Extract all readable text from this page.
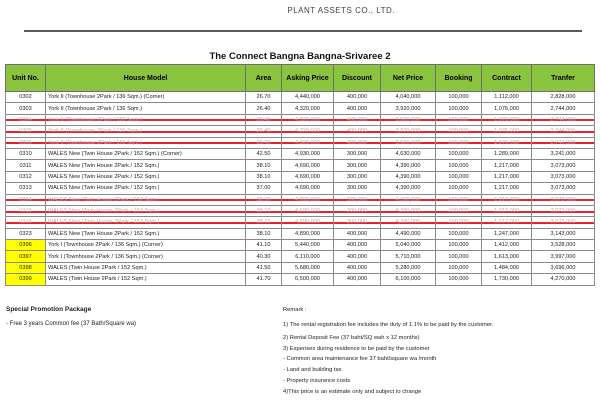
PLANT ASSETS CO., LTD.
The Connect Bangna Bangna-Srivaree 2
Unit No.	House Model	Area	Asking Price	Discount	Net Price	Booking	Contract	Tranfer
0302	York II (Townhouse 2Park / 136 Sqm.) (Corner)	26.70	4,440,000	400,000	4,040,000	100,000	1,112,000	2,828,000
0303	York II (Townhouse 2Park / 136 Sqm.)	26.40	4,320,000	400,000	3,920,000	100,000	1,076,000	2,744,000
0304	York II (Townhouse 2Park / 136 Sqm.)	26.40	4,320,000	400,000	3,920,000	100,000	1,076,000	2,744,000
0305	York II (Townhouse 2Park / 136 Sqm.)	26.40	4,320,000	400,000	3,920,000	100,000	1,076,000	2,744,000
0306	York II (Townhouse 2Park / 136 Sqm.)	26.40	4,320,000	400,000	3,920,000	100,000	1,076,000	2,744,000
0310	WALES New (Twin House 2Park / 152 Sqm.) (Corner)	42.50	4,930,000	300,000	4,630,000	100,000	1,289,000	3,241,000
0311	WALES New (Twin House 2Park / 152 Sqm.)	38.10	4,690,000	300,000	4,390,000	100,000	1,217,000	3,073,000
0312	WALES New (Twin House 2Park / 152 Sqm.)	38.10	4,690,000	300,000	4,390,000	100,000	1,217,000	3,073,000
0313	WALES New (Twin House 2Park / 152 Sqm.)	37.00	4,690,000	300,000	4,390,000	100,000	1,217,000	3,073,000
0314	WALES New (Twin House 2Park / 152 Sqm.)	38.10	4,690,000	300,000	4,390,000	100,000	1,217,000	3,073,000
0315	WALES New (Twin House 2Park / 152 Sqm.)	38.10	4,690,000	300,000	4,390,000	100,000	1,217,000	3,073,000
0316	WALES New (Twin House 2Park / 152 Sqm.)	38.10	4,690,000	300,000	4,390,000	100,000	1,217,000	3,073,000
0323	WALES New (Twin House 2Park / 152 Sqm.)	38.10	4,890,000	400,000	4,490,000	100,000	1,247,000	3,143,000
0396	York I (Townhouse 2Park / 136 Sqm.) (Corner)	41.10	5,440,000	400,000	5,040,000	100,000	1,412,000	3,528,000
0397	York I (Townhouse 2Park / 136 Sqm.) (Corner)	40.30	6,110,000	400,000	5,710,000	100,000	1,613,000	3,997,000
0398	WALES (Twin House 2Park / 152 Sqm.)	41.50	5,680,000	400,000	5,280,000	100,000	1,484,000	3,696,000
0399	WALES (Twin House 2Park / 152 Sqm.)	41.70	6,500,000	400,000	6,100,000	100,000	1,730,000	4,270,000
Special Promotion Package
- Free 3 years Common fee (37 Bath/Square wa)
Remark :
1) The rental registration fee includes the duty of 1.1% to be paid by the customer.
2) Rental Deposit Fee (37 baht/SQ wah x 12 months)
3) Expenses during residence to be paid by the customer
- Common area maintenance fee 37 baht/square wa /month
- Land and building tax
- Property insurance costs
4)This price is an estimate only and subject to change
